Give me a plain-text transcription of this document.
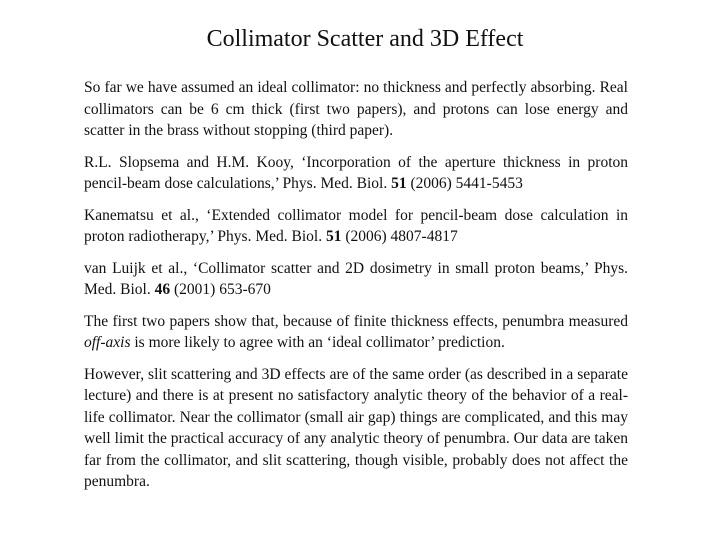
Collimator Scatter and 3D Effect

So far we have assumed an ideal collimator: no thickness and perfectly absorbing. Real collimators can be 6 cm thick (first two papers), and protons can lose energy and scatter in the brass without stopping (third paper).

R.L. Slopsema and H.M. Kooy, ‘Incorporation of the aperture thickness in proton pencil-beam dose calculations,’ Phys. Med. Biol. 51 (2006) 5441-5453

Kanematsu et al., ‘Extended collimator model for pencil-beam dose calculation in proton radiotherapy,’ Phys. Med. Biol. 51 (2006) 4807-4817

van Luijk et al., ‘Collimator scatter and 2D dosimetry in small proton beams,’ Phys. Med. Biol. 46 (2001) 653-670

The first two papers show that, because of finite thickness effects, penumbra measured off-axis is more likely to agree with an ‘ideal collimator’ prediction.

However, slit scattering and 3D effects are of the same order (as described in a separate lecture) and there is at present no satisfactory analytic theory of the behavior of a real-life collimator. Near the collimator (small air gap) things are complicated, and this may well limit the practical accuracy of any analytic theory of penumbra. Our data are taken far from the collimator, and slit scattering, though visible, probably does not affect the penumbra.
